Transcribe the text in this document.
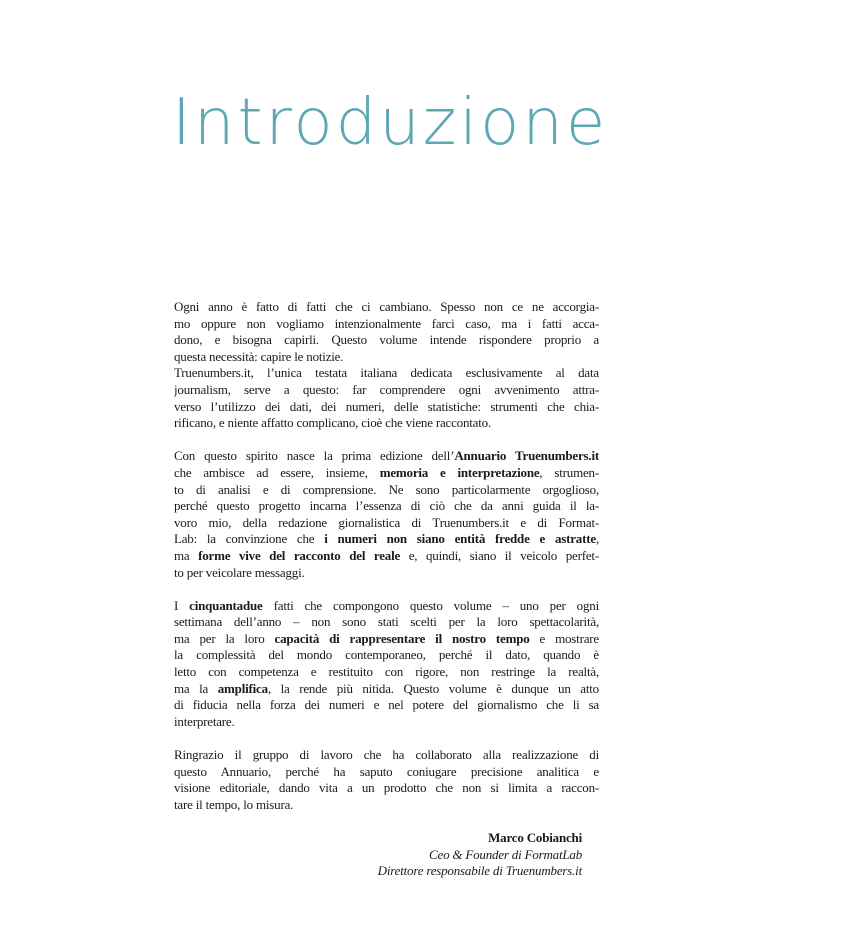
Introduzione
Ogni anno è fatto di fatti che ci cambiano. Spesso non ce ne accorgia-
mo oppure non vogliamo intenzionalmente farci caso, ma i fatti acca-
dono, e bisogna capirli. Questo volume intende rispondere proprio a
questa necessità: capire le notizie.
Truenumbers.it, l’unica testata italiana dedicata esclusivamente al data
journalism, serve a questo: far comprendere ogni avvenimento attra-
verso l’utilizzo dei dati, dei numeri, delle statistiche: strumenti che chia-
rificano, e niente affatto complicano, cioè che viene raccontato.
Con questo spirito nasce la prima edizione dell’Annuario Truenumbers.it
che ambisce ad essere, insieme, memoria e interpretazione, strumen-
to di analisi e di comprensione. Ne sono particolarmente orgoglioso,
perché questo progetto incarna l’essenza di ciò che da anni guida il la-
voro mio, della redazione giornalistica di Truenumbers.it e di Format-
Lab: la convinzione che i numeri non siano entità fredde e astratte,
ma forme vive del racconto del reale e, quindi, siano il veicolo perfet-
to per veicolare messaggi.
I cinquantadue fatti che compongono questo volume – uno per ogni
settimana dell’anno – non sono stati scelti per la loro spettacolarità,
ma per la loro capacità di rappresentare il nostro tempo e mostrare
la complessità del mondo contemporaneo, perché il dato, quando è
letto con competenza e restituito con rigore, non restringe la realtà,
ma la amplifica, la rende più nitida. Questo volume è dunque un atto
di fiducia nella forza dei numeri e nel potere del giornalismo che li sa
interpretare.
Ringrazio il gruppo di lavoro che ha collaborato alla realizzazione di
questo Annuario, perché ha saputo coniugare precisione analitica e
visione editoriale, dando vita a un prodotto che non si limita a raccon-
tare il tempo, lo misura.
Marco Cobianchi
Ceo & Founder di FormatLab
Direttore responsabile di Truenumbers.it
